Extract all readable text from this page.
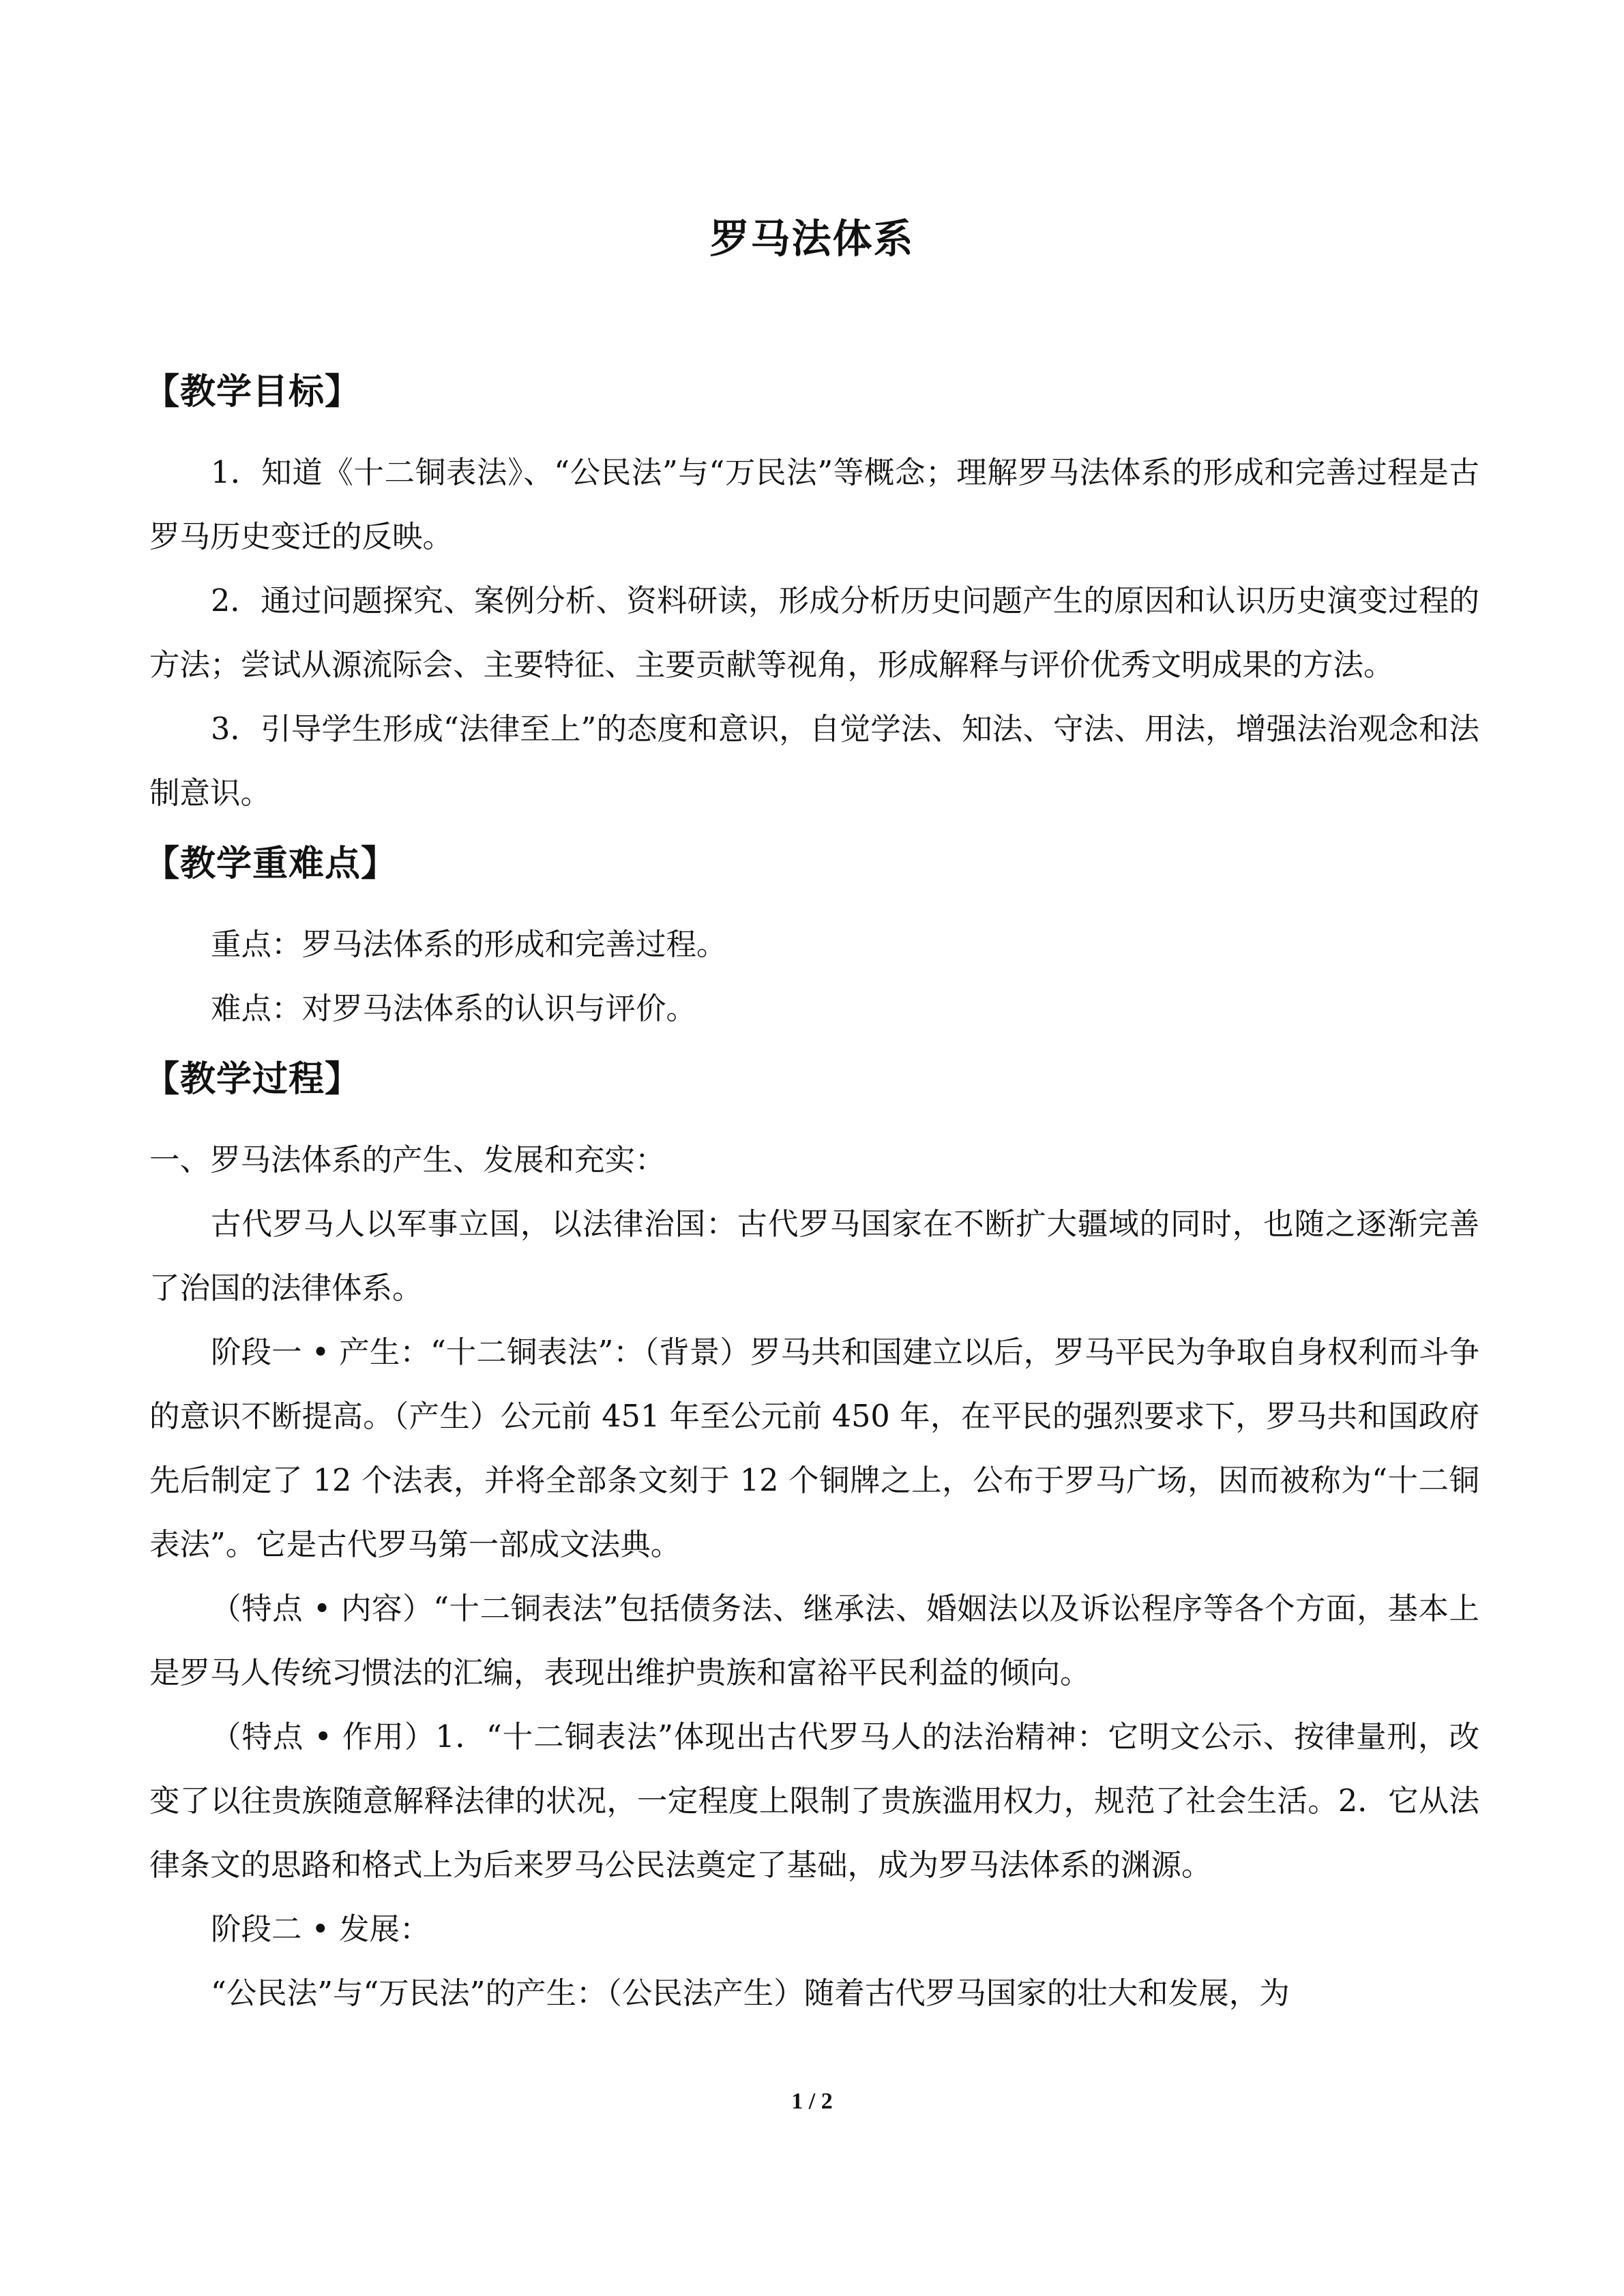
罗马法体系
【教学目标】

1．知道《十二铜表法》、“公民法”与“万民法”等概念；理解罗马法体系的形成和完善过程是古罗马历史变迁的反映。

2．通过问题探究、案例分析、资料研读，形成分析历史问题产生的原因和认识历史演变过程的方法；尝试从源流际会、主要特征、主要贡献等视角，形成解释与评价优秀文明成果的方法。

3．引导学生形成“法律至上”的态度和意识，自觉学法、知法、守法、用法，增强法治观念和法制意识。

【教学重难点】

重点：罗马法体系的形成和完善过程。

难点：对罗马法体系的认识与评价。

【教学过程】

一、罗马法体系的产生、发展和充实：

古代罗马人以军事立国，以法律治国：古代罗马国家在不断扩大疆域的同时，也随之逐渐完善了治国的法律体系。

阶段一 • 产生：“十二铜表法”：（背景）罗马共和国建立以后，罗马平民为争取自身权利而斗争的意识不断提高。（产生）公元前 451 年至公元前 450 年，在平民的强烈要求下，罗马共和国政府先后制定了 12 个法表，并将全部条文刻于 12 个铜牌之上，公布于罗马广场，因而被称为“十二铜表法”。它是古代罗马第一部成文法典。

（特点 • 内容）“十二铜表法”包括债务法、继承法、婚姻法以及诉讼程序等各个方面，基本上是罗马人传统习惯法的汇编，表现出维护贵族和富裕平民利益的倾向。

（特点 • 作用）1．“十二铜表法”体现出古代罗马人的法治精神：它明文公示、按律量刑，改变了以往贵族随意解释法律的状况，一定程度上限制了贵族滥用权力，规范了社会生活。2．它从法律条文的思路和格式上为后来罗马公民法奠定了基础，成为罗马法体系的渊源。

阶段二 • 发展：

“公民法”与“万民法”的产生：（公民法产生）随着古代罗马国家的壮大和发展，为

1 / 2
